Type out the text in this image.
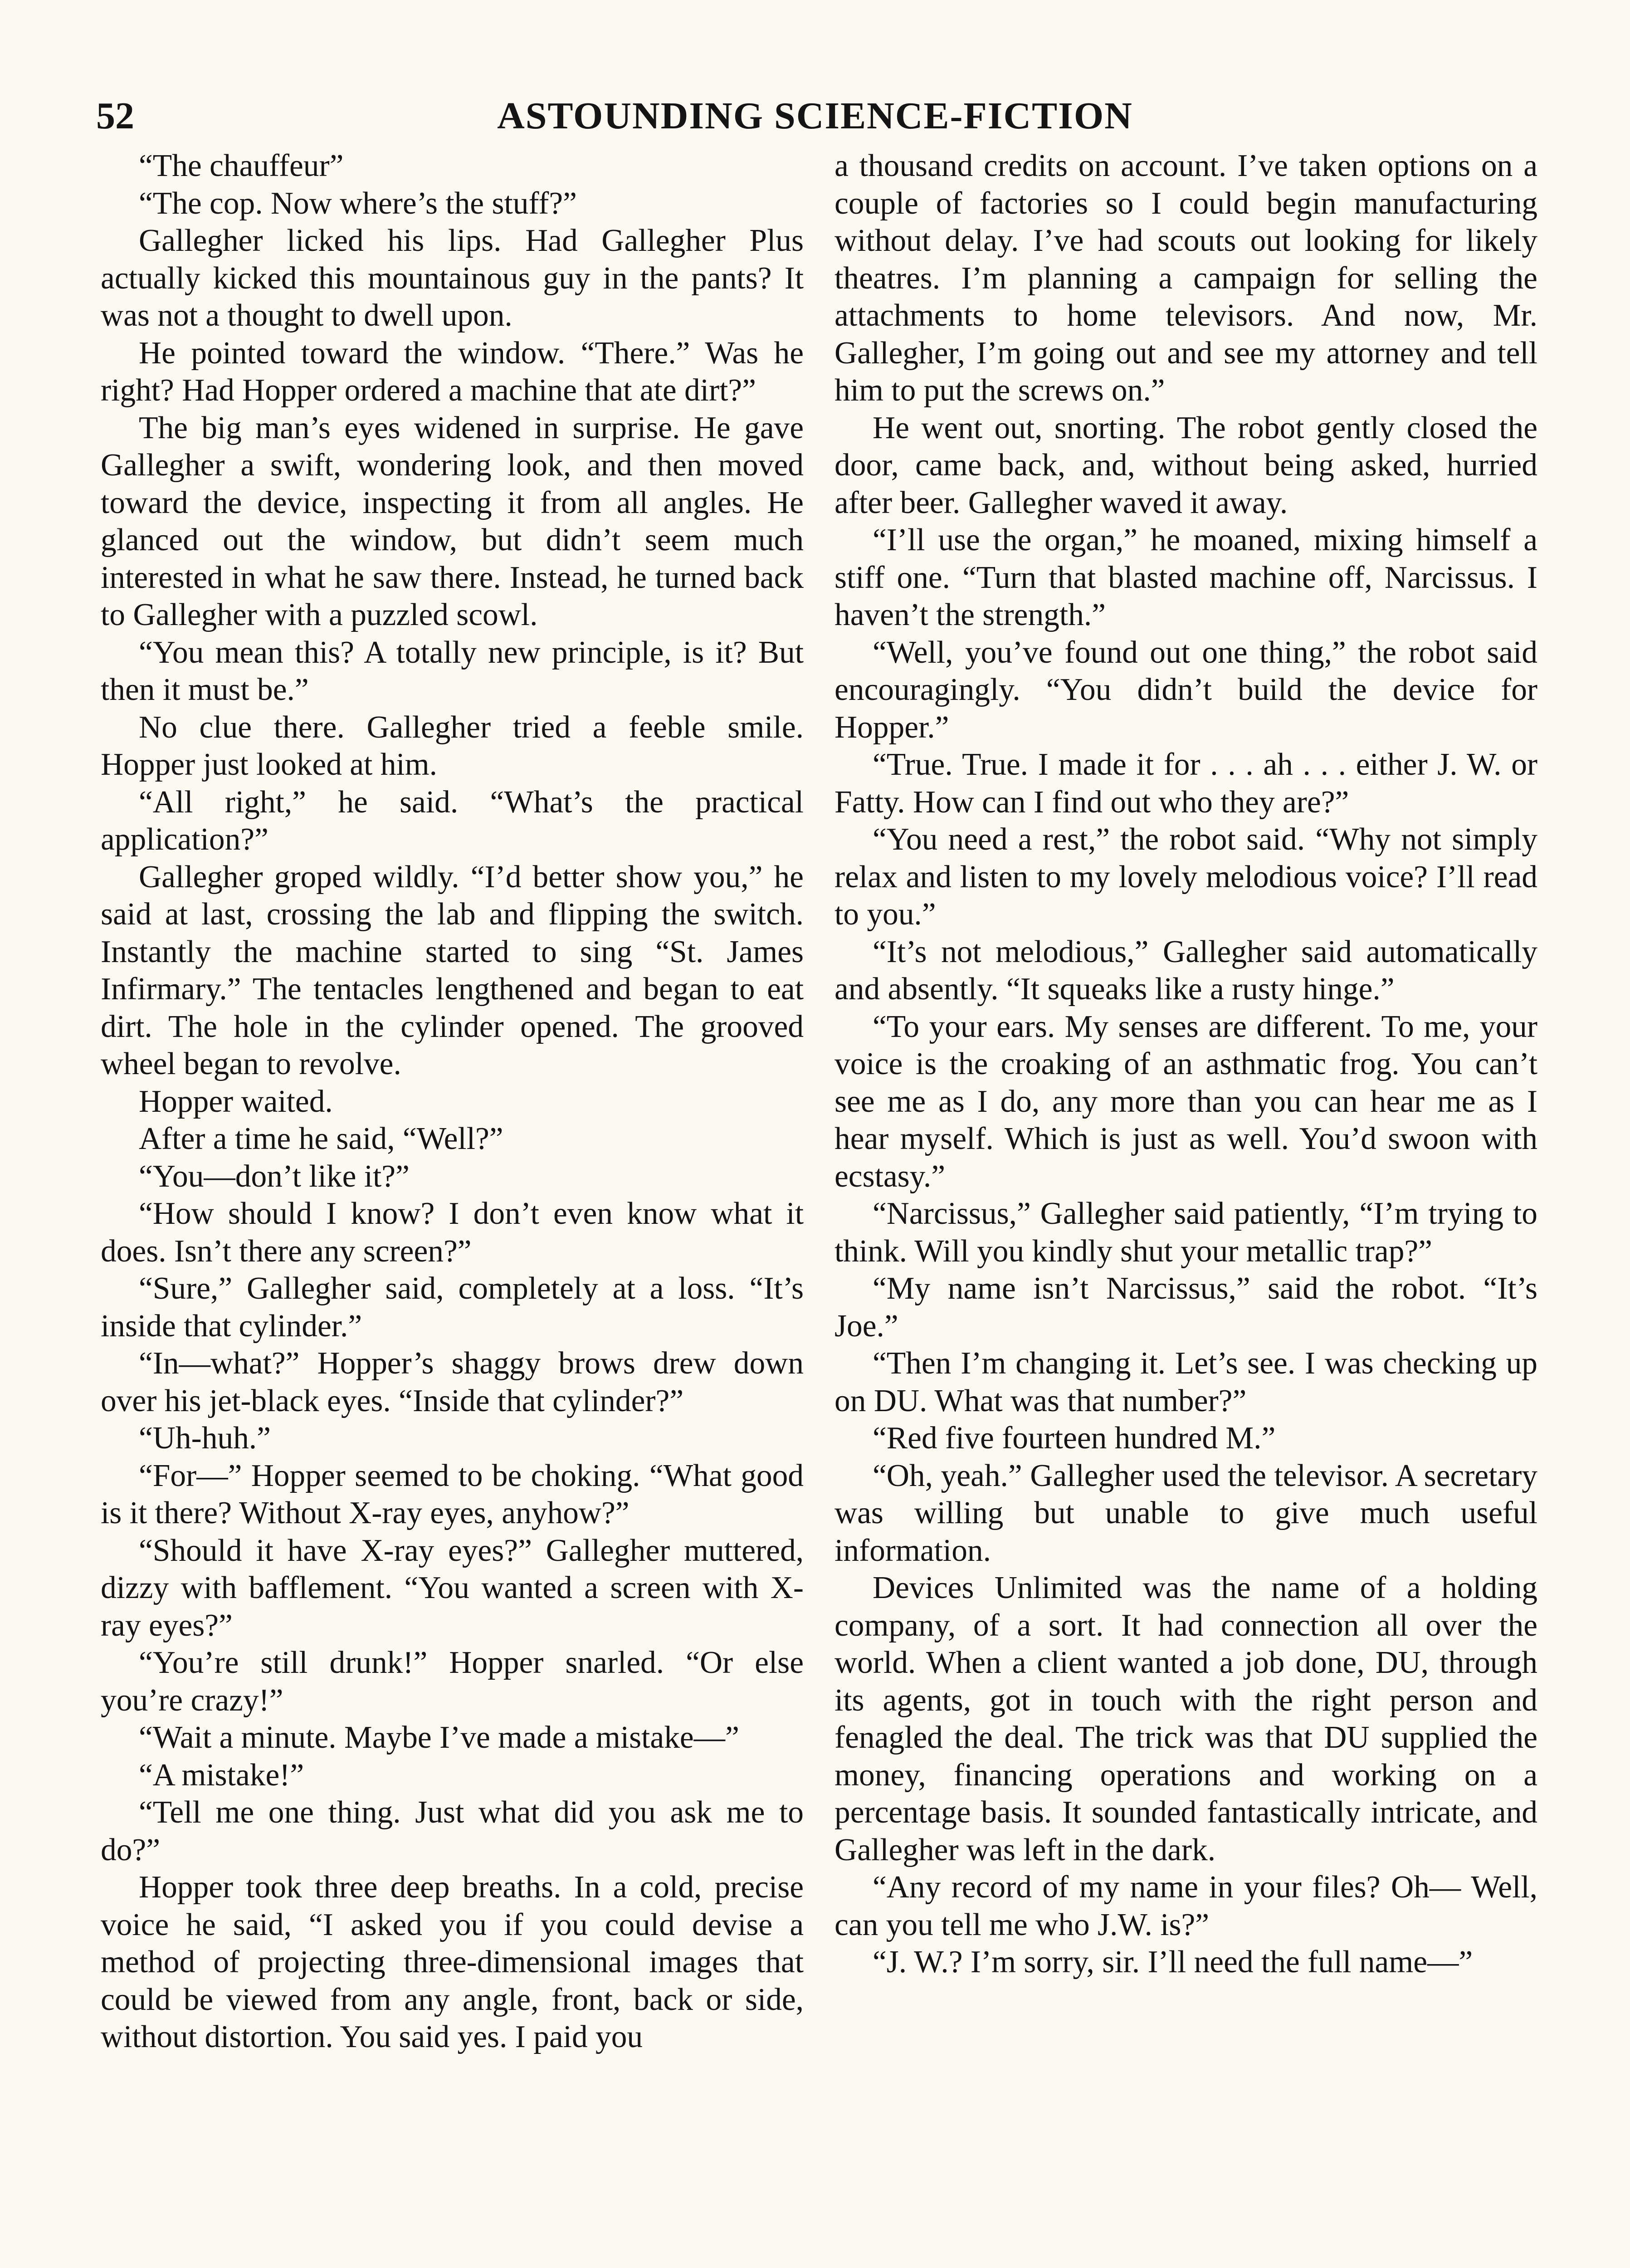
52	ASTOUNDING SCIENCE-FICTION

“The chauffeur”

“The cop. Now where’s the stuff?”

Gallegher licked his lips. Had Gallegher Plus actually kicked this mountainous guy in the pants? It was not a thought to dwell upon.

He pointed toward the window. “There.” Was he right? Had Hopper ordered a machine that ate dirt?”

The big man’s eyes widened in surprise. He gave Gallegher a swift, wondering look, and then moved toward the device, inspecting it from all angles. He glanced out the window, but didn’t seem much interested in what he saw there. Instead, he turned back to Gallegher with a puzzled scowl.

“You mean this? A totally new principle, is it? But then it must be.”

No clue there. Gallegher tried a feeble smile. Hopper just looked at him.

“All right,” he said. “What’s the practical application?”

Gallegher groped wildly. “I’d better show you,” he said at last, crossing the lab and flipping the switch. Instantly the machine started to sing “St. James Infirmary.” The tentacles lengthened and began to eat dirt. The hole in the cylinder opened. The grooved wheel began to revolve.

Hopper waited.

After a time he said, “Well?”

“You—don’t like it?”

“How should I know? I don’t even know what it does. Isn’t there any screen?”

“Sure,” Gallegher said, completely at a loss. “It’s inside that cylinder.”

“In—what?” Hopper’s shaggy brows drew down over his jet-black eyes. “Inside that cylinder?”

“Uh-huh.”

“For—” Hopper seemed to be choking. “What good is it there? Without X-ray eyes, anyhow?”

“Should it have X-ray eyes?” Gallegher muttered, dizzy with bafflement. “You wanted a screen with X-ray eyes?”

“You’re still drunk!” Hopper snarled. “Or else you’re crazy!”

“Wait a minute. Maybe I’ve made a mistake—”

“A mistake!”

“Tell me one thing. Just what did you ask me to do?”

Hopper took three deep breaths. In a cold, precise voice he said, “I asked you if you could devise a method of projecting three-dimensional images that could be viewed from any angle, front, back or side, without distortion. You said yes. I paid you

a thousand credits on account. I’ve taken options on a couple of factories so I could begin manufacturing without delay. I’ve had scouts out looking for likely theatres. I’m planning a campaign for selling the attachments to home televisors. And now, Mr. Gallegher, I’m going out and see my attorney and tell him to put the screws on.”

He went out, snorting. The robot gently closed the door, came back, and, without being asked, hurried after beer. Gallegher waved it away.

“I’ll use the organ,” he moaned, mixing himself a stiff one. “Turn that blasted machine off, Narcissus. I haven’t the strength.”

“Well, you’ve found out one thing,” the robot said encouragingly. “You didn’t build the device for Hopper.”

“True. True. I made it for . . . ah . . . either J. W. or Fatty. How can I find out who they are?”

“You need a rest,” the robot said. “Why not simply relax and listen to my lovely melodious voice? I’ll read to you.”

“It’s not melodious,” Gallegher said automatically and absently. “It squeaks like a rusty hinge.”

“To your ears. My senses are different. To me, your voice is the croaking of an asthmatic frog. You can’t see me as I do, any more than you can hear me as I hear myself. Which is just as well. You’d swoon with ecstasy.”

“Narcissus,” Gallegher said patiently, “I’m trying to think. Will you kindly shut your metallic trap?”

“My name isn’t Narcissus,” said the robot. “It’s Joe.”

“Then I’m changing it. Let’s see. I was checking up on DU. What was that number?”

“Red five fourteen hundred M.”

“Oh, yeah.” Gallegher used the televisor. A secretary was willing but unable to give much useful information.

Devices Unlimited was the name of a holding company, of a sort. It had connection all over the world. When a client wanted a job done, DU, through its agents, got in touch with the right person and fenagled the deal. The trick was that DU supplied the money, financing operations and working on a percentage basis. It sounded fantastically intricate, and Gallegher was left in the dark.

“Any record of my name in your files? Oh— Well, can you tell me who J.W. is?”

“J. W.? I’m sorry, sir. I’ll need the full name—”
